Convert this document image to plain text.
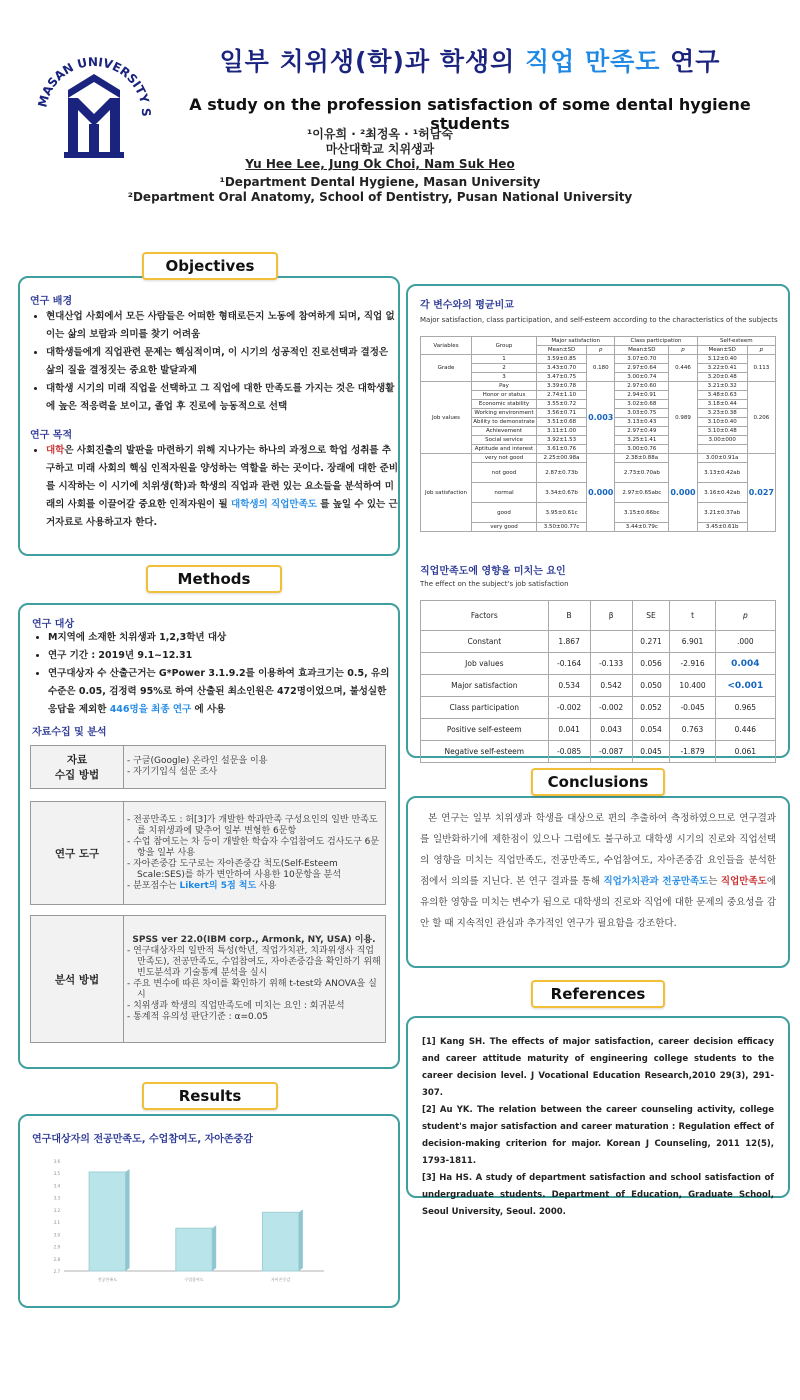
MASAN UNIVERSITY S
일부 치위생(학)과 학생의 직업 만족도 연구
A study on the profession satisfaction of some dental hygiene students
¹이유희 · ²최정옥 · ¹허남숙
마산대학교 치위생과
Yu Hee Lee, Jung Ok Choi, Nam Suk Heo
¹Department Dental Hygiene, Masan University
²Department Oral Anatomy, School of Dentistry, Pusan National University
연구 배경
• 현대산업 사회에서 모든 사람들은 어떠한 형태로든지 노동에 참여하게 되며, 직업 없이는 삶의 보람과 의미를 찾기 어려움
• 대학생들에게 직업관련 문제는 핵심적이며, 이 시기의 성공적인 진로선택과 결정은 삶의 질을 결정짓는 중요한 발달과제
• 대학생 시기의 미래 직업을 선택하고 그 직업에 대한 만족도를 가지는 것은 대학생활에 높은 적응력을 보이고, 졸업 후 진로에 능동적으로 선택
연구 목적
• 대학은 사회진출의 발판을 마련하기 위해 지나가는 하나의 과정으로 학업 성취를 추구하고 미래 사회의 핵심 인적자원을 양성하는 역할을 하는 곳이다. 장래에 대한 준비를 시작하는 이 시기에 치위생(학)과 학생의 직업과 관련 있는 요소들을 분석하여 미래의 사회를 이끌어갈 중요한 인적자원이 될 대학생의 직업만족도 를 높일 수 있는 근거자료로 사용하고자 한다.
Objectives
연구 대상
• M지역에 소재한 치위생과 1,2,3학년 대상
• 연구 기간 : 2019년 9.1~12.31
• 연구대상자 수 산출근거는 G*Power 3.1.9.2를 이용하여 효과크기는 0.5, 유의수준은 0.05, 검정력 95%로 하여 산출된 최소인원은 472명이었으며, 불성실한 응답을 제외한 446명을 최종 연구 에 사용
자료수집 및 분석
Methods
자료
수집 방법
- 구글(Google) 온라인 설문을 이용
- 자기기입식 설문 조사
연구 도구
- 전공만족도 : 허[3]가 개발한 학과만족 구성요인의 일반 만족도를 치위생과에 맞추어 일부 변형한 6문항
- 수업 참여도는 차 등이 개발한 학습자 수업참여도 검사도구 6문항을 일부 사용
- 자아존중감 도구로는 자아존중감 척도(Self-Esteem Scale:SES)를 하가 변안하여 사용한 10문항을 분석
- 분포점수는 Likert의 5점 척도 사용
분석 방법
SPSS ver 22.0(IBM corp., Armonk, NY, USA) 이용.
- 연구대상자의 일반적 특성(학년, 직업가치관, 치과위생사 직업만족도), 전공만족도, 수업참여도, 자아존중감을 확인하기 위해 빈도분석과 기술통계 분석을 실시
- 주요 변수에 따른 차이를 확인하기 위해 t-test와 ANOVA을 실시
- 치위생과 학생의 직업만족도에 미치는 요인 : 회귀분석
- 통계적 유의성 판단기준 : α=0.05
연구대상자의 전공만족도, 수업참여도, 자아존중감
2.7
2.8
2.9
3.0
3.1
3.2
3.3
3.4
3.5
3.6
전공만족도	수업참여도	자아존중감
Results
각 변수와의 평균비교
Major satisfaction, class participation, and self-esteem according to the characteristics of the subjects
Variables	Group	Major satisfaction		Class participation		Self-esteem	
		Mean±SD	p	Mean±SD	p	Mean±SD	p
Grade	1	3.59±0.85	0.180	3.07±0.70	0.446	3.12±0.40	0.113
	2	3.43±0.70		2.97±0.64		3.22±0.41	
	3	3.47±0.75		3.00±0.74		3.20±0.48	
Job values	Pay	3.39±0.78	0.003	2.97±0.60	0.989	3.21±0.32	0.206
	Honor or status	2.74±1.10		2.94±0.91		3.48±0.63	
	Economic stability	3.55±0.72		3.02±0.68		3.18±0.44	
	Working environment	3.56±0.71		3.03±0.75		3.23±0.38	
	Ability to demonstrate	3.51±0.68		3.13±0.43		3.10±0.40	
	Achievement	3.11±1.00		2.97±0.49		3.10±0.48	
	Social service	3.92±1.53		3.25±1.41		3.00±000	
	Aptitude and interest	3.61±0.76		3.00±0.76			
Job satisfaction	very not good	2.25±00.98a	0.000	2.38±0.88a	0.000	3.00±0.91a	0.027
	not good	2.87±0.73b		2.73±0.70ab		3.13±0.42ab	
	normal	3.34±0.67b		2.97±0.65abc		3.16±0.42ab	
	good	3.95±0.61c		3.15±0.66bc		3.21±0.37ab	
	very good	3.50±00.77c		3.44±0.79c		3.45±0.61b	
직업만족도에 영향을 미치는 요인
The effect on the subject's job satisfaction
Factors	B	β	SE	t	p
Constant	1.867		0.271	6.901	.000
Job values	-0.164	-0.133	0.056	-2.916	0.004
Major satisfaction	0.534	0.542	0.050	10.400	<0.001
Class participation	-0.002	-0.002	0.052	-0.045	0.965
Positive self-esteem	0.041	0.043	0.054	0.763	0.446
Negative self-esteem	-0.085	-0.087	0.045	-1.879	0.061
본 연구는 일부 치위생과 학생을 대상으로 편의 추출하여 측정하였으므로 연구결과를 일반화하기에 제한점이 있으나 그럼에도 불구하고 대학생 시기의 진로와 직업선택의 영향을 미치는 직업만족도, 전공만족도, 수업참여도, 자아존중감 요인들을 분석한 점에서 의의를 지닌다. 본 연구 결과를 통해 직업가치관과 전공만족도는 직업만족도에 유의한 영향을 미치는 변수가 됨으로 대학생의 진로와 직업에 대한 문제의 중요성을 감안 할 때 지속적인 관심과 추가적인 연구가 필요함을 강조한다.
Conclusions
[1] Kang SH. The effects of major satisfaction, career decision efficacy and career attitude maturity of engineering college students to the career decision level. J Vocational Education Research,2010 29(3), 291-307.
[2] Au YK. The relation between the career counseling activity, college student's major satisfaction and career maturation : Regulation effect of decision-making criterion for major. Korean J Counseling, 2011 12(5), 1793-1811.
[3] Ha HS. A study of department satisfaction and school satisfaction of undergraduate students. Department of Education, Graduate School, Seoul University, Seoul. 2000.
References
